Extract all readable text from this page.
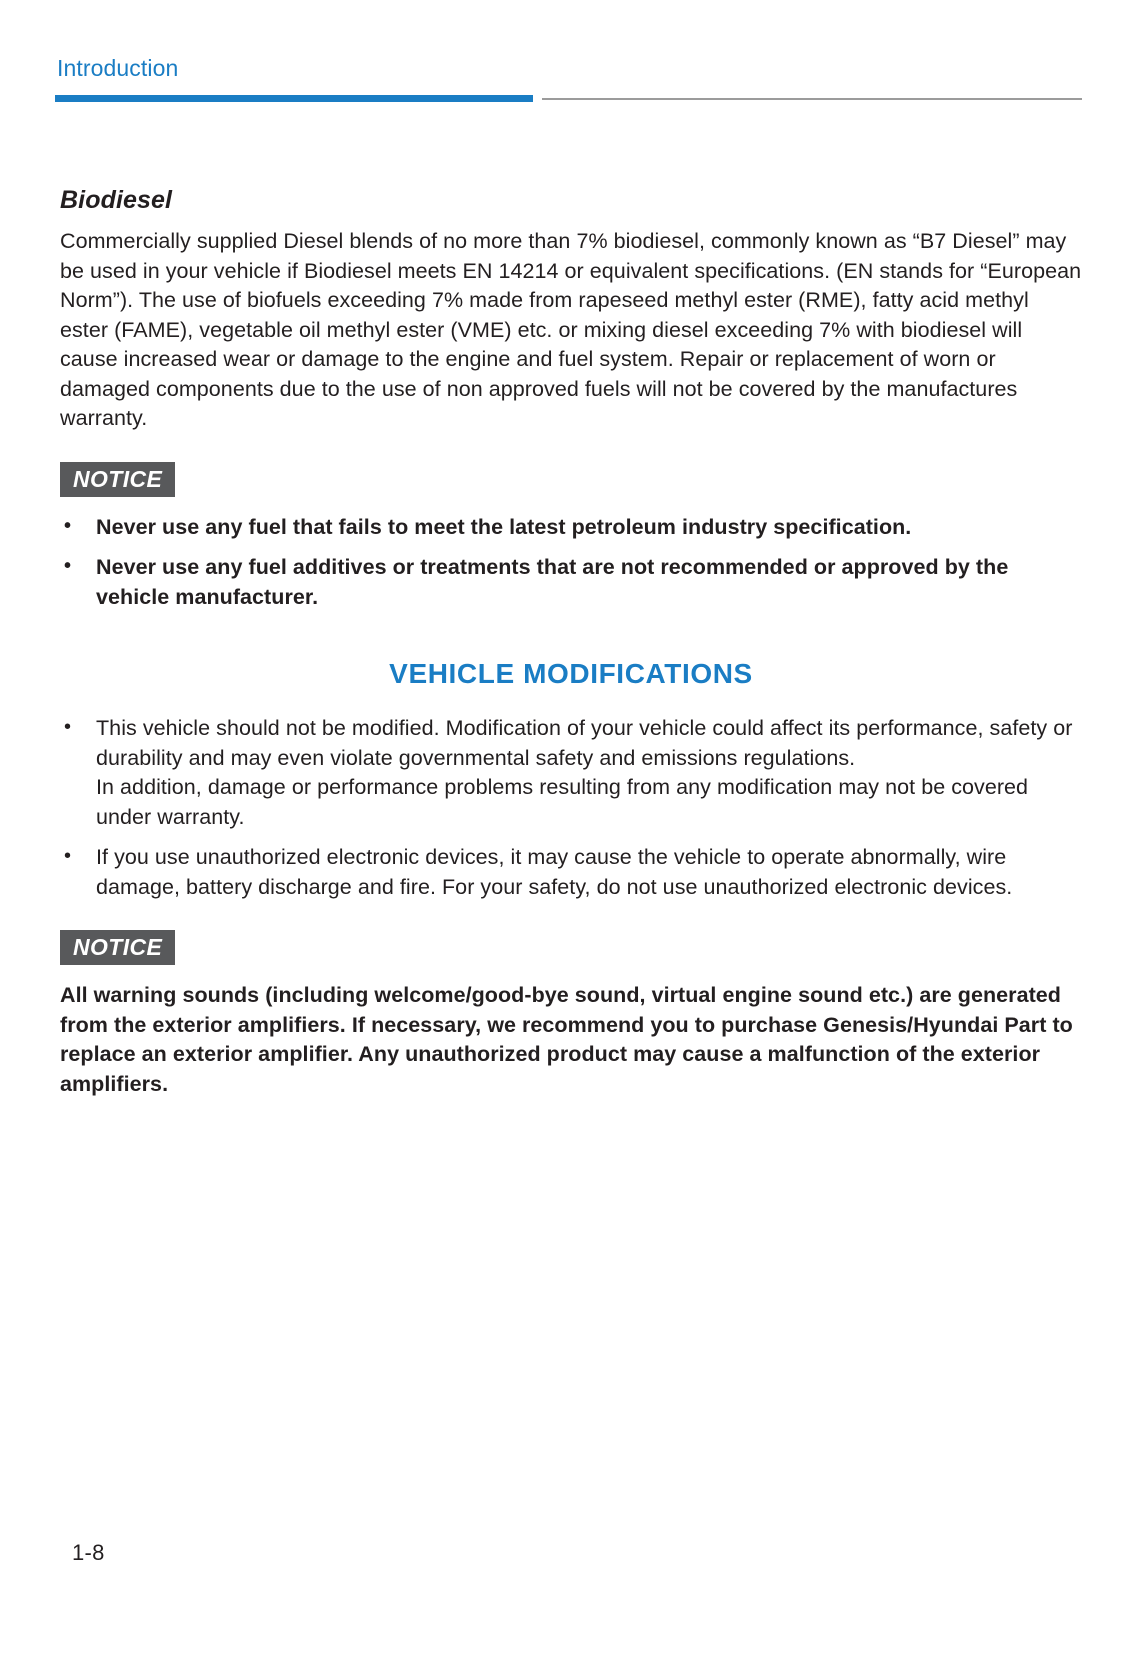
Introduction
Biodiesel

Commercially supplied Diesel blends of no more than 7% biodiesel, commonly known as “B7 Diesel” may be used in your vehicle if Biodiesel meets EN 14214 or equivalent specifications. (EN stands for “European Norm”). The use of biofuels exceeding 7% made from rapeseed methyl ester (RME), fatty acid methyl ester (FAME), vegetable oil methyl ester (VME) etc. or mixing diesel exceeding 7% with biodiesel will cause increased wear or damage to the engine and fuel system. Repair or replacement of worn or damaged components due to the use of non approved fuels will not be covered by the manufactures warranty.

NOTICE
• Never use any fuel that fails to meet the latest petroleum industry specification.
• Never use any fuel additives or treatments that are not recommended or approved by the vehicle manufacturer.
VEHICLE MODIFICATIONS
• This vehicle should not be modified. Modification of your vehicle could affect its performance, safety or durability and may even violate governmental safety and emissions regulations.

In addition, damage or performance problems resulting from any modification may not be covered under warranty.

• If you use unauthorized electronic devices, it may cause the vehicle to operate abnormally, wire damage, battery discharge and fire. For your safety, do not use unauthorized electronic devices.
NOTICE

All warning sounds (including welcome/good-bye sound, virtual engine sound etc.) are generated from the exterior amplifiers. If necessary, we recommend you to purchase Genesis/Hyundai Part to replace an exterior amplifier. Any unauthorized product may cause a malfunction of the exterior amplifiers.

1-8
